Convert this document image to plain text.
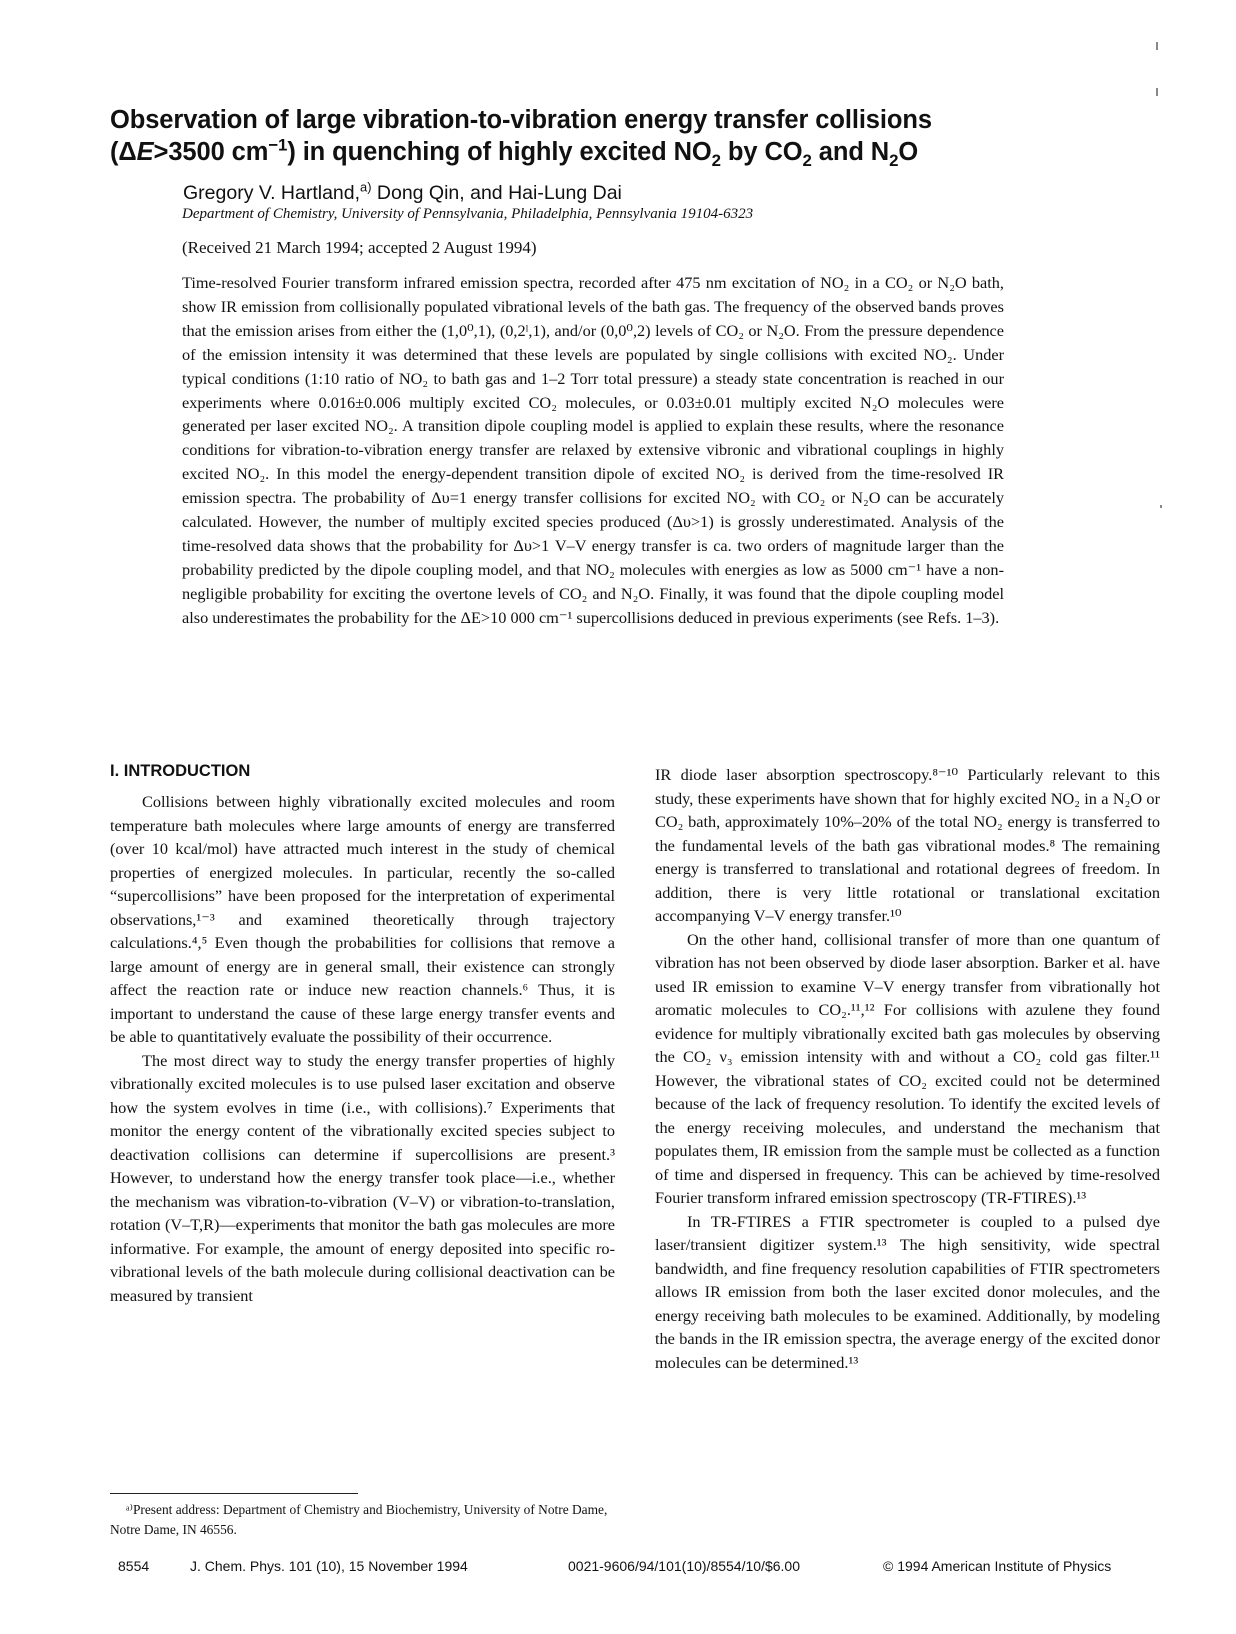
Observation of large vibration-to-vibration energy transfer collisions
(ΔE>3500 $cm^{-1}$) in quenching of highly excited $NO_2$ by $CO_2$ and $N_2O$
Gregory V. Hartland,$^{a)}$ Dong Qin, and Hai-Lung Dai
Department of Chemistry, University of Pennsylvania, Philadelphia, Pennsylvania 19104-6323
(Received 21 March 1994; accepted 2 August 1994)
Time-resolved Fourier transform infrared emission spectra, recorded after 475 nm excitation of NO₂ in a CO₂ or N₂O bath, show IR emission from collisionally populated vibrational levels of the bath gas. The frequency of the observed bands proves that the emission arises from either the (1,0⁰,1), (0,2ˡ,1), and/or (0,0⁰,2) levels of CO₂ or N₂O. From the pressure dependence of the emission intensity it was determined that these levels are populated by single collisions with excited NO₂. Under typical conditions (1:10 ratio of NO₂ to bath gas and 1–2 Torr total pressure) a steady state concentration is reached in our experiments where 0.016±0.006 multiply excited CO₂ molecules, or 0.03±0.01 multiply excited N₂O molecules were generated per laser excited NO₂. A transition dipole coupling model is applied to explain these results, where the resonance conditions for vibration-to-vibration energy transfer are relaxed by extensive vibronic and vibrational couplings in highly excited NO₂. In this model the energy-dependent transition dipole of excited NO₂ is derived from the time-resolved IR emission spectra. The probability of Δυ=1 energy transfer collisions for excited NO₂ with CO₂ or N₂O can be accurately calculated. However, the number of multiply excited species produced (Δυ>1) is grossly underestimated. Analysis of the time-resolved data shows that the probability for Δυ>1 V–V energy transfer is ca. two orders of magnitude larger than the probability predicted by the dipole coupling model, and that NO₂ molecules with energies as low as 5000 cm⁻¹ have a non-negligible probability for exciting the overtone levels of CO₂ and N₂O. Finally, it was found that the dipole coupling model also underestimates the probability for the ΔE>10 000 cm⁻¹ supercollisions deduced in previous experiments (see Refs. 1–3).
I. INTRODUCTION

Collisions between highly vibrationally excited molecules and room temperature bath molecules where large amounts of energy are transferred (over 10 kcal/mol) have attracted much interest in the study of chemical properties of energized molecules. In particular, recently the so-called “supercollisions” have been proposed for the interpretation of experimental observations,¹⁻³ and examined theoretically through trajectory calculations.⁴,⁵ Even though the probabilities for collisions that remove a large amount of energy are in general small, their existence can strongly affect the reaction rate or induce new reaction channels.⁶ Thus, it is important to understand the cause of these large energy transfer events and be able to quantitatively evaluate the possibility of their occurrence.

The most direct way to study the energy transfer properties of highly vibrationally excited molecules is to use pulsed laser excitation and observe how the system evolves in time (i.e., with collisions).⁷ Experiments that monitor the energy content of the vibrationally excited species subject to deactivation collisions can determine if supercollisions are present.³ However, to understand how the energy transfer took place—i.e., whether the mechanism was vibration-to-vibration (V–V) or vibration-to-translation, rotation (V–T,R)—experiments that monitor the bath gas molecules are more informative. For example, the amount of energy deposited into specific ro-vibrational levels of the bath molecule during collisional deactivation can be measured by transient

IR diode laser absorption spectroscopy.⁸⁻¹⁰ Particularly relevant to this study, these experiments have shown that for highly excited NO₂ in a N₂O or CO₂ bath, approximately 10%–20% of the total NO₂ energy is transferred to the fundamental levels of the bath gas vibrational modes.⁸ The remaining energy is transferred to translational and rotational degrees of freedom. In addition, there is very little rotational or translational excitation accompanying V–V energy transfer.¹⁰

On the other hand, collisional transfer of more than one quantum of vibration has not been observed by diode laser absorption. Barker et al. have used IR emission to examine V–V energy transfer from vibrationally hot aromatic molecules to CO₂.¹¹,¹² For collisions with azulene they found evidence for multiply vibrationally excited bath gas molecules by observing the CO₂ ν₃ emission intensity with and without a CO₂ cold gas filter.¹¹ However, the vibrational states of CO₂ excited could not be determined because of the lack of frequency resolution. To identify the excited levels of the energy receiving molecules, and understand the mechanism that populates them, IR emission from the sample must be collected as a function of time and dispersed in frequency. This can be achieved by time-resolved Fourier transform infrared emission spectroscopy (TR-FTIRES).¹³

In TR-FTIRES a FTIR spectrometer is coupled to a pulsed dye laser/transient digitizer system.¹³ The high sensitivity, wide spectral bandwidth, and fine frequency resolution capabilities of FTIR spectrometers allows IR emission from both the laser excited donor molecules, and the energy receiving bath molecules to be examined. Additionally, by modeling the bands in the IR emission spectra, the average energy of the excited donor molecules can be determined.¹³

ᵃ⁾Present address: Department of Chemistry and Biochemistry, University of Notre Dame, Notre Dame, IN 46556.
8554	J. Chem. Phys. 101 (10), 15 November 1994	0021-9606/94/101(10)/8554/10/$6.00	© 1994 American Institute of Physics
